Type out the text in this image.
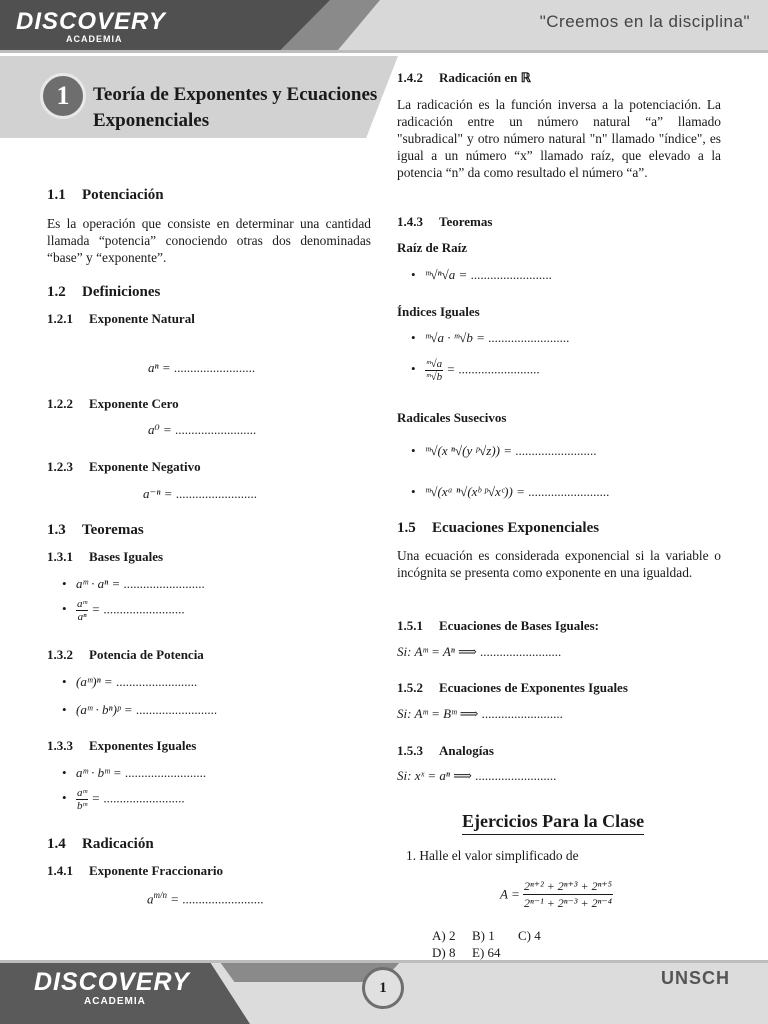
DISCOVERY
ACADEMIA
"Creemos en la disciplina"
1	Teoría de Exponentes y Ecuaciones
Exponenciales
1.1 Potenciación
Es la operación que consiste en determinar una cantidad llamada “potencia” conociendo otras dos denominadas “base” y “exponente”.
1.2 Definiciones
1.2.1 Exponente Natural
aⁿ = .........................
1.2.2 Exponente Cero
a⁰ = .........................
1.2.3 Exponente Negativo
a⁻ⁿ = .........................
1.3 Teoremas
1.3.1 Bases Iguales
• aᵐ · aⁿ = .........................
• $\frac{\text{aᵐ}}{\text{aⁿ}}$ = .........................
1.3.2 Potencia de Potencia
• (aᵐ)ⁿ = .........................
• (aᵐ · bⁿ)ᵖ = .........................
1.3.3 Exponentes Iguales
• aᵐ · bᵐ = .........................
• $\frac{\text{aᵐ}}{\text{bᵐ}}$ = .........................
1.4 Radicación
1.4.1 Exponente Fraccionario
$a^{m/n}$ = .........................
1.4.2 Radicación en ℝ
La radicación es la función inversa a la potenciación. La radicación entre un número natural “a” llamado "subradical" y otro número natural "n" llamado "índice", es igual a un número “x” llamado raíz, que elevado a la potencia “n” da como resultado el número “a”.
1.4.3 Teoremas
Raíz de Raíz
• ᵐ√ⁿ√a = .........................
Índices Iguales
• ᵐ√a · ᵐ√b = .........................
• $\frac{\text{ᵐ√a}}{\text{ᵐ√b}}$ = .........................
Radicales Susecivos
• ᵐ√(x ⁿ√(y ᵖ√z)) = .........................
• ᵐ√(xᵃ ⁿ√(xᵇ ᵖ√xᶜ)) = .........................
1.5 Ecuaciones Exponenciales
Una ecuación es considerada exponencial si la variable o incógnita se presenta como exponente en una igualdad.
1.5.1 Ecuaciones de Bases Iguales:
Si: Aᵐ = Aⁿ ⟹ .........................
1.5.2 Ecuaciones de Exponentes Iguales
Si: Aᵐ = Bᵐ ⟹ .........................
1.5.3 Analogías
Si: xˣ = aⁿ ⟹ .........................
Ejercicios Para la Clase
1. Halle el valor simplificado de
$A = \frac{\text{2ⁿ⁺² + 2ⁿ⁺³ + 2ⁿ⁺⁵}}{\text{2ⁿ⁻¹ + 2ⁿ⁻³ + 2ⁿ⁻⁴}}$
A) 2 B) 1 C) 4
D) 8 E) 64
DISCOVERY
ACADEMIA
1	UNSCH
